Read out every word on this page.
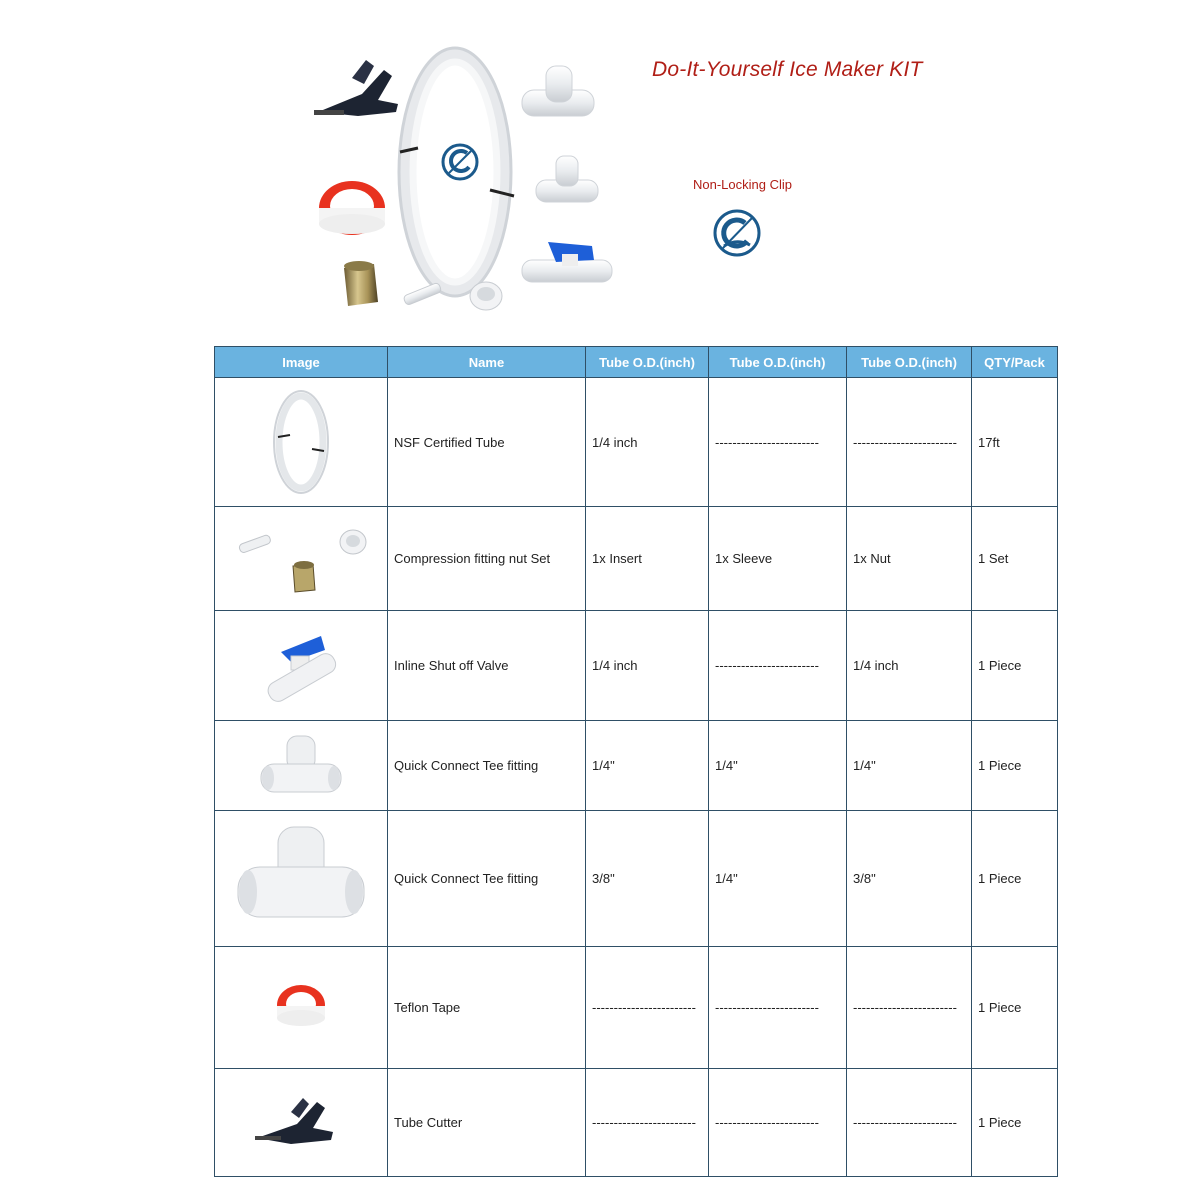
Do-It-Yourself Ice Maker KIT
Non-Locking Clip
Image	Name	Tube O.D.(inch)	Tube O.D.(inch)	Tube O.D.(inch)	QTY/Pack

	NSF Certified Tube	1/4 inch	------------------------	------------------------	17ft

	Compression fitting nut Set	1x Insert	1x Sleeve	1x Nut	1 Set

	Inline Shut off Valve	1/4 inch	------------------------	1/4 inch	1 Piece

	Quick Connect Tee fitting	1/4"	1/4"	1/4"	1 Piece

	Quick Connect Tee fitting	3/8"	1/4"	3/8"	1 Piece

	Teflon Tape	------------------------	------------------------	------------------------	1 Piece

	Tube Cutter	------------------------	------------------------	------------------------	1 Piece
